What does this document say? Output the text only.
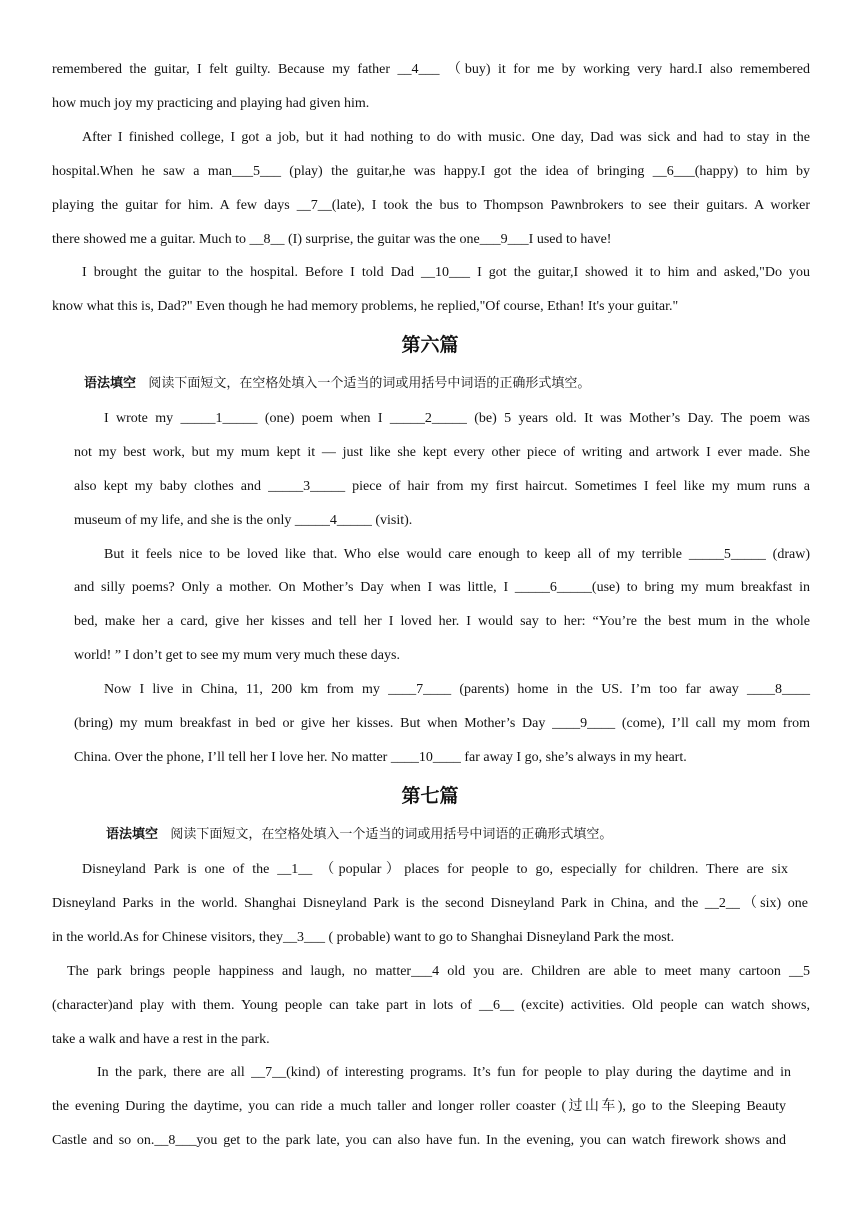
remembered the guitar, I felt guilty. Because my father __4___ （buy) it for me by working very hard.I also remembered
how much joy my practicing and playing had given him.
After I finished college, I got a job, but it had nothing to do with music. One day, Dad was sick and had to stay in the
hospital.When he saw a man___5___ (play) the guitar,he was happy.I got the idea of bringing __6___(happy) to him by
playing the guitar for him. A few days __7__(late), I took the bus to Thompson Pawnbrokers to see their guitars. A worker
there showed me a guitar. Much to __8__ (I) surprise, the guitar was the one___9___I used to have!
I brought the guitar to the hospital. Before I told Dad __10___ I got the guitar,I showed it to him and asked,"Do you
know what this is, Dad?" Even though he had memory problems, he replied,"Of course, Ethan! It's your guitar."
第六篇
语法填空 阅读下面短文，在空格处填入一个适当的词或用括号中词语的正确形式填空。
I wrote my _____1_____ (one) poem when I _____2_____ (be) 5 years old. It was Mother’s Day. The poem was
not my best work, but my mum kept it — just like she kept every other piece of writing and artwork I ever made. She
also kept my baby clothes and _____3_____ piece of hair from my first haircut. Sometimes I feel like my mum runs a
museum of my life, and she is the only _____4_____ (visit).
But it feels nice to be loved like that. Who else would care enough to keep all of my terrible _____5_____ (draw)
and silly poems? Only a mother. On Mother’s Day when I was little, I _____6_____(use) to bring my mum breakfast in
bed, make her a card, give her kisses and tell her I loved her. I would say to her: “You’re the best mum in the whole
world! ” I don’t get to see my mum very much these days.
Now I live in China, 11, 200 km from my ____7____ (parents) home in the US. I’m too far away ____8____
(bring) my mum breakfast in bed or give her kisses. But when Mother’s Day ____9____ (come), I’ll call my mom from
China. Over the phone, I’ll tell her I love her. No matter ____10____ far away I go, she’s always in my heart.
第七篇
语法填空 阅读下面短文，在空格处填入一个适当的词或用括号中词语的正确形式填空。
Disneyland Park is one of the __1__ （popular）places for people to go, especially for children. There are six
Disneyland Parks in the world. Shanghai Disneyland Park is the second Disneyland Park in China, and the __2__（six) one
in the world.As for Chinese visitors, they__3___ ( probable) want to go to Shanghai Disneyland Park the most.
The park brings people happiness and laugh, no matter___4 old you are. Children are able to meet many cartoon __5
(character)and play with them. Young people can take part in lots of __6__ (excite) activities. Old people can watch shows,
take a walk and have a rest in the park.
In the park, there are all __7__(kind) of interesting programs. It’s fun for people to play during the daytime and in
the evening During the daytime, you can ride a much taller and longer roller coaster (过山车), go to the Sleeping Beauty
Castle and so on.__8___you get to the park late, you can also have fun. In the evening, you can watch firework shows and
